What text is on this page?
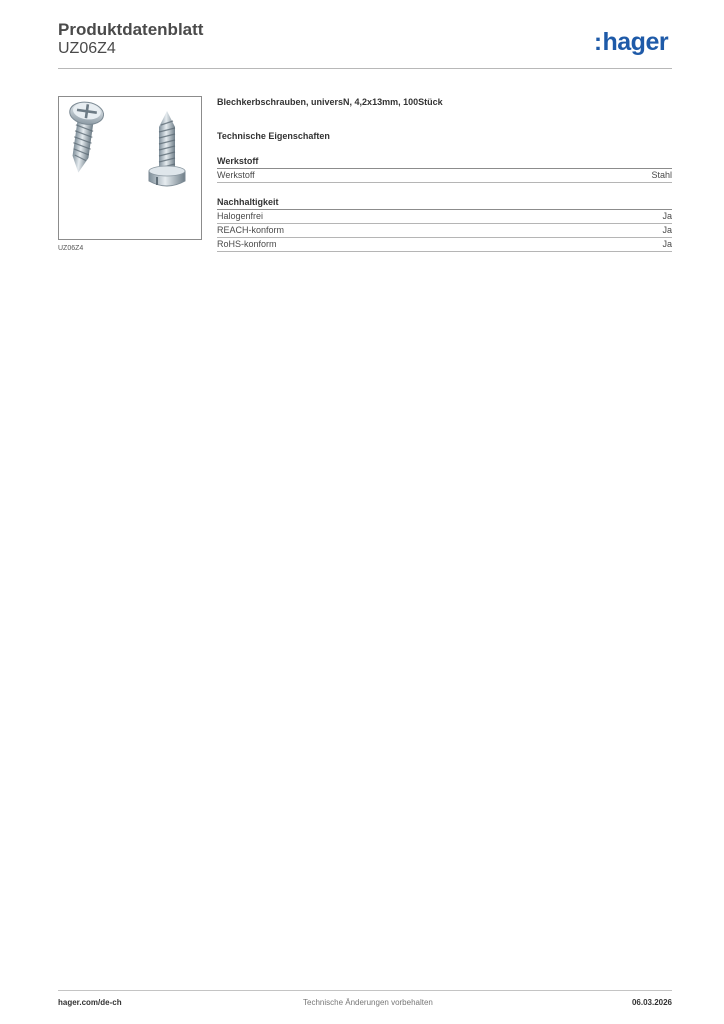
Produktdatenblatt
UZ06Z4	:hager
UZ06Z4
Blechkerbschrauben, universN, 4,2x13mm, 100Stück
Technische Eigenschaften
Werkstoff
Werkstoff	Stahl
Nachhaltigkeit
Halogenfrei	Ja
REACH-konform	Ja
RoHS-konform	Ja
hager.com/de-ch	Technische Änderungen vorbehalten	06.03.2026
